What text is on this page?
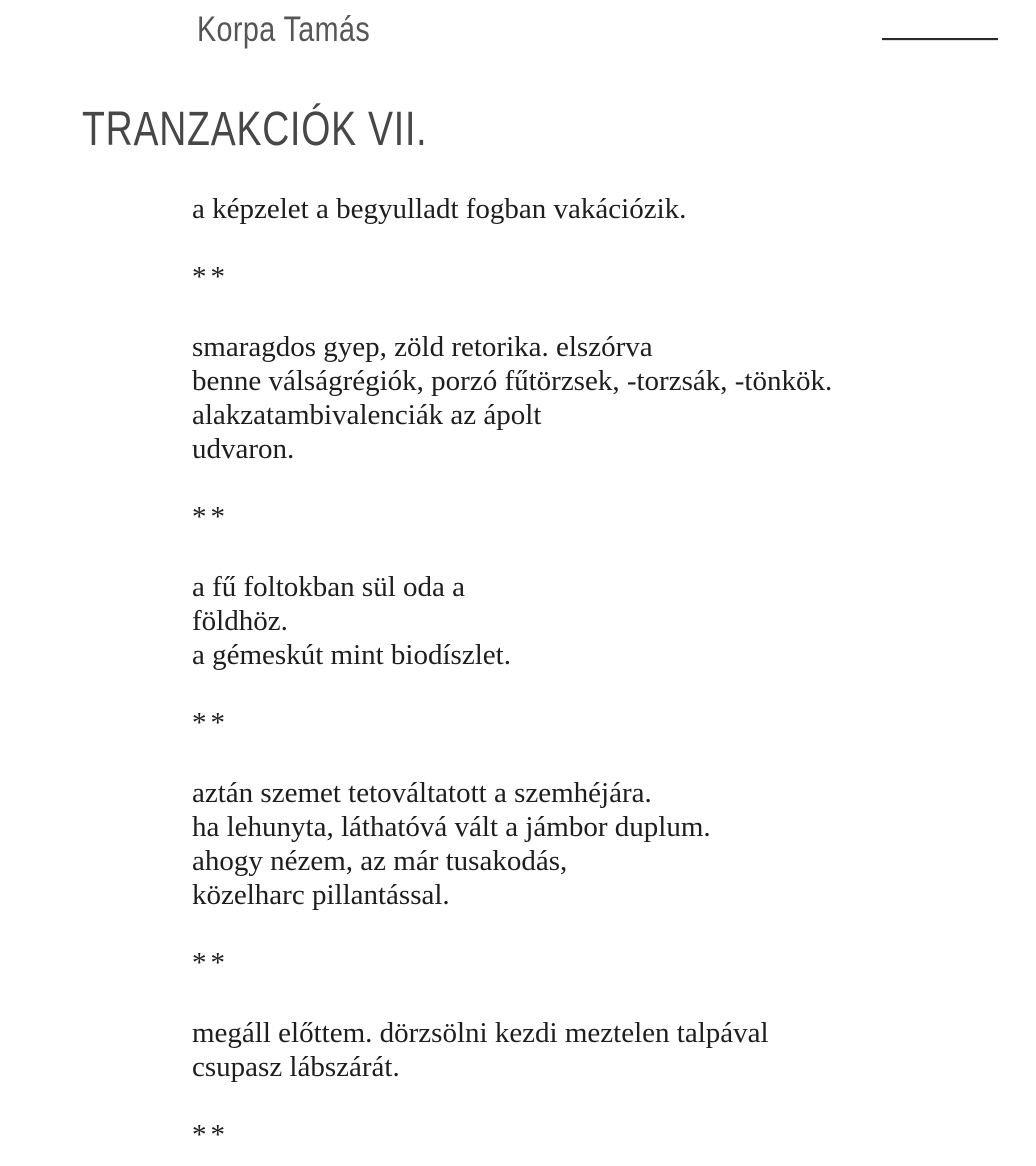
Korpa Tamás
TRANZAKCIÓK VII.

a képzelet a begyulladt fogban vakációzik.

**

smaragdos gyep, zöld retorika. elszórva
benne válságrégiók, porzó fűtörzsek, -torzsák, -tönkök.
alakzatambivalenciák az ápolt
udvaron.

**

a fű foltokban sül oda a
földhöz.
a gémeskút mint biodíszlet.

**

aztán szemet tetováltatott a szemhéjára.
ha lehunyta, láthatóvá vált a jámbor duplum.
ahogy nézem, az már tusakodás,
közelharc pillantással.

**

megáll előttem. dörzsölni kezdi meztelen talpával
csupasz lábszárát.

**
